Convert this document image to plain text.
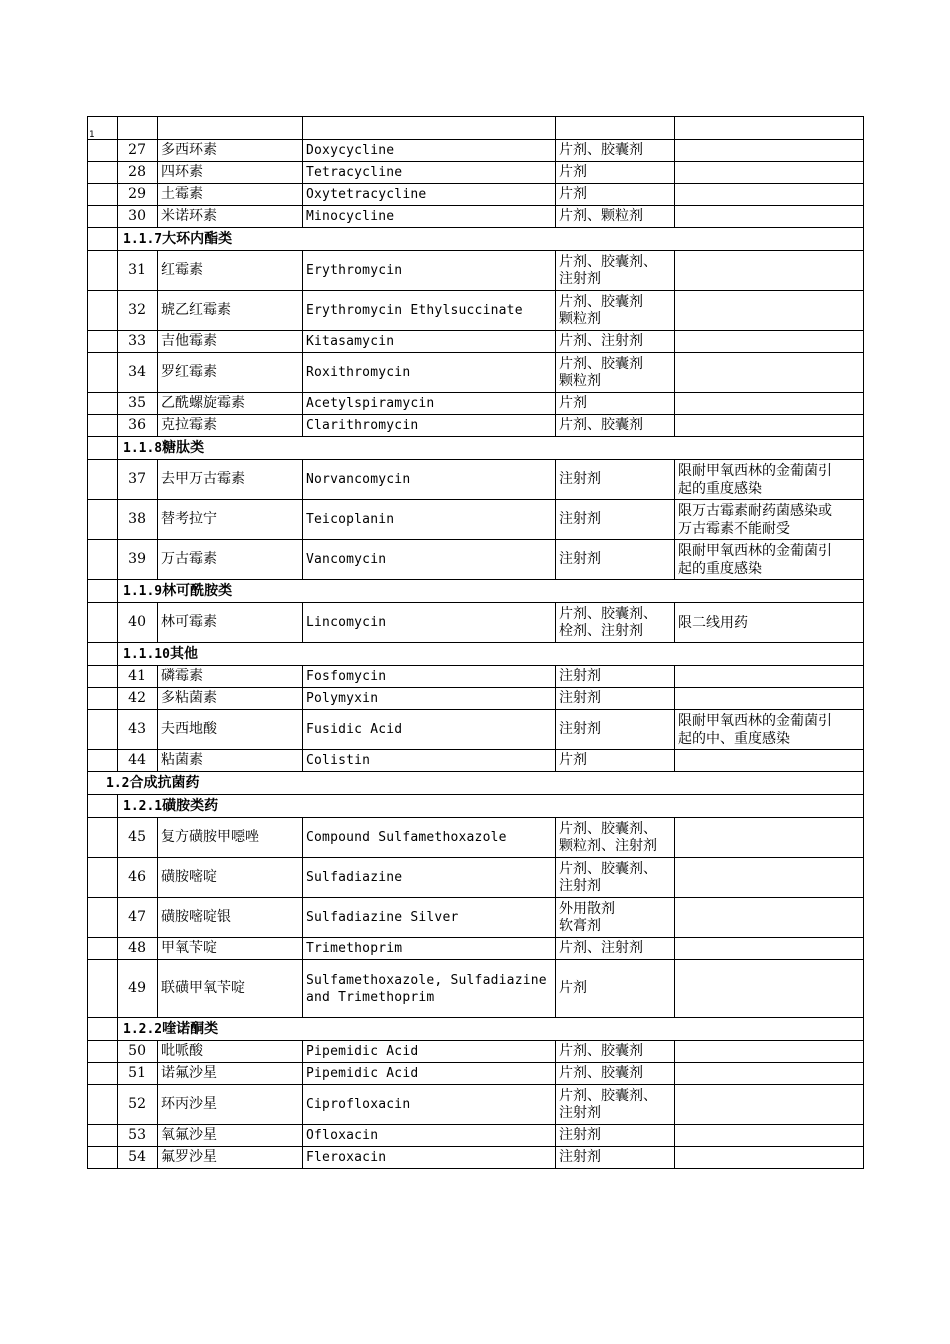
1

	27	多西环素	Doxycycline	片剂、胶囊剂	
	28	四环素	Tetracycline	片剂	
	29	土霉素	Oxytetracycline	片剂	
	30	米诺环素	Minocycline	片剂、颗粒剂	
	1.1.7大环内酯类				
	31	红霉素	Erythromycin	片剂、胶囊剂、
注射剂	
	32	琥乙红霉素	Erythromycin Ethylsuccinate	片剂、胶囊剂
颗粒剂	
	33	吉他霉素	Kitasamycin	片剂、注射剂	
	34	罗红霉素	Roxithromycin	片剂、胶囊剂
颗粒剂	
	35	乙酰螺旋霉素	Acetylspiramycin	片剂	
	36	克拉霉素	Clarithromycin	片剂、胶囊剂	
	1.1.8糖肽类				
	37	去甲万古霉素	Norvancomycin	注射剂	限耐甲氧西林的金葡菌引
起的重度感染
	38	替考拉宁	Teicoplanin	注射剂	限万古霉素耐药菌感染或
万古霉素不能耐受
	39	万古霉素	Vancomycin	注射剂	限耐甲氧西林的金葡菌引
起的重度感染
	1.1.9林可酰胺类				
	40	林可霉素	Lincomycin	片剂、胶囊剂、
栓剂、注射剂	限二线用药
	1.1.10其他				
	41	磷霉素	Fosfomycin	注射剂	
	42	多粘菌素	Polymyxin	注射剂	
	43	夫西地酸	Fusidic Acid	注射剂	限耐甲氧西林的金葡菌引
起的中、重度感染
	44	粘菌素	Colistin	片剂	
1.2合成抗菌药					
	1.2.1磺胺类药				
	45	复方磺胺甲噁唑	Compound Sulfamethoxazole	片剂、胶囊剂、
颗粒剂、注射剂	
	46	磺胺嘧啶	Sulfadiazine	片剂、胶囊剂、
注射剂	
	47	磺胺嘧啶银	Sulfadiazine Silver	外用散剂
软膏剂	
	48	甲氧苄啶	Trimethoprim	片剂、注射剂	
	49	联磺甲氧苄啶	Sulfamethoxazole, Sulfadiazine
and Trimethoprim	片剂	
	1.2.2喹诺酮类				
	50	吡哌酸	Pipemidic Acid	片剂、胶囊剂	
	51	诺氟沙星	Pipemidic Acid	片剂、胶囊剂	
	52	环丙沙星	Ciprofloxacin	片剂、胶囊剂、
注射剂	
	53	氧氟沙星	Ofloxacin	注射剂	
	54	氟罗沙星	Fleroxacin	注射剂	
